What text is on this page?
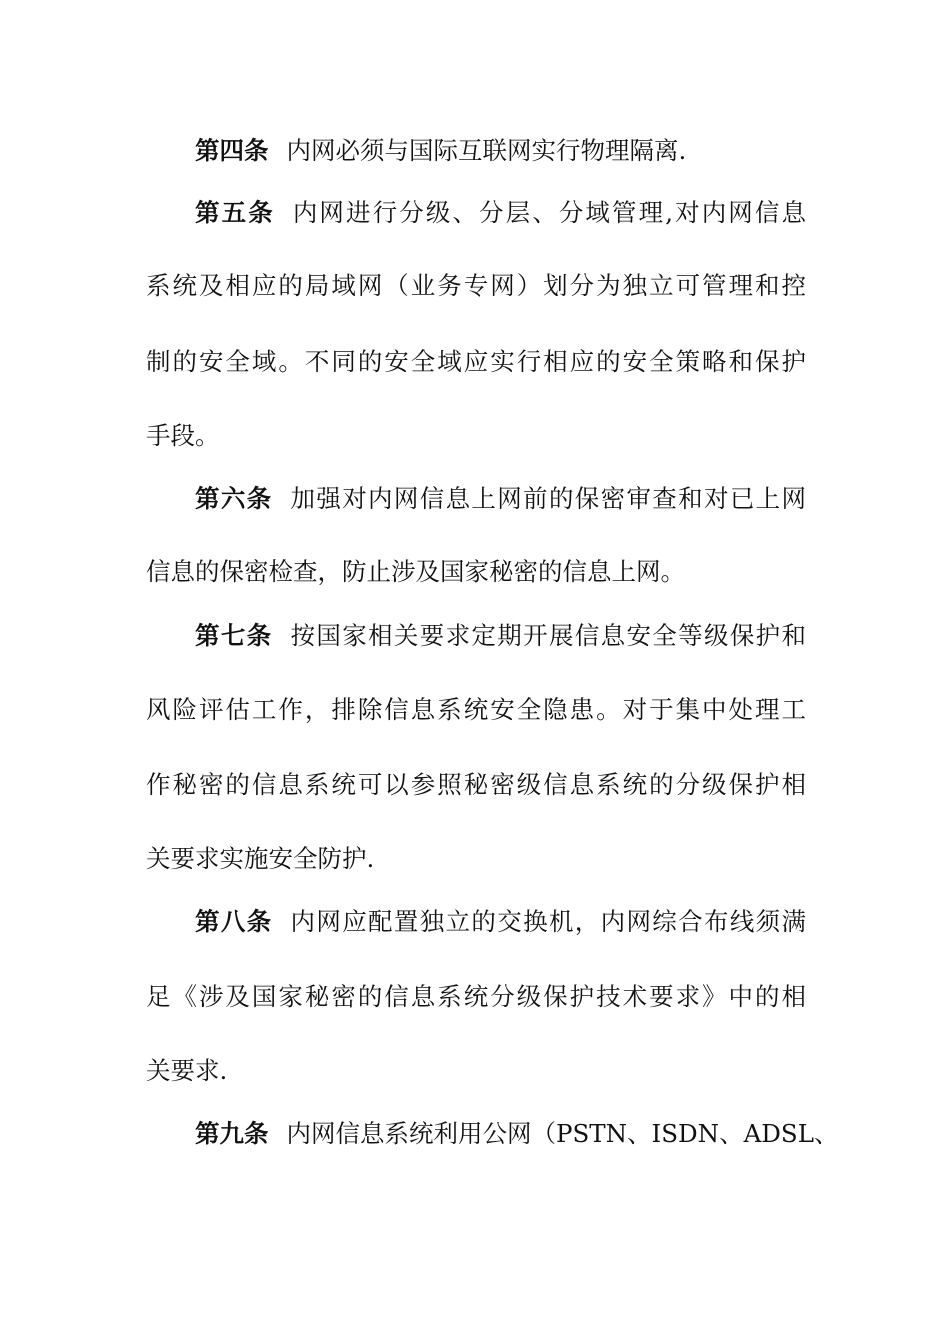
第四条 内网必须与国际互联网实行物理隔离.
第五条 内网进行分级、分层、分域管理,对内网信息
系统及相应的局域网（业务专网）划分为独立可管理和控
制的安全域。不同的安全域应实行相应的安全策略和保护
手段。
第六条 加强对内网信息上网前的保密审查和对已上网
信息的保密检查，防止涉及国家秘密的信息上网。
第七条 按国家相关要求定期开展信息安全等级保护和
风险评估工作，排除信息系统安全隐患。对于集中处理工
作秘密的信息系统可以参照秘密级信息系统的分级保护相
关要求实施安全防护.
第八条 内网应配置独立的交换机，内网综合布线须满
足《涉及国家秘密的信息系统分级保护技术要求》中的相
关要求.
第九条 内网信息系统利用公网（PSTN、ISDN、ADSL、
